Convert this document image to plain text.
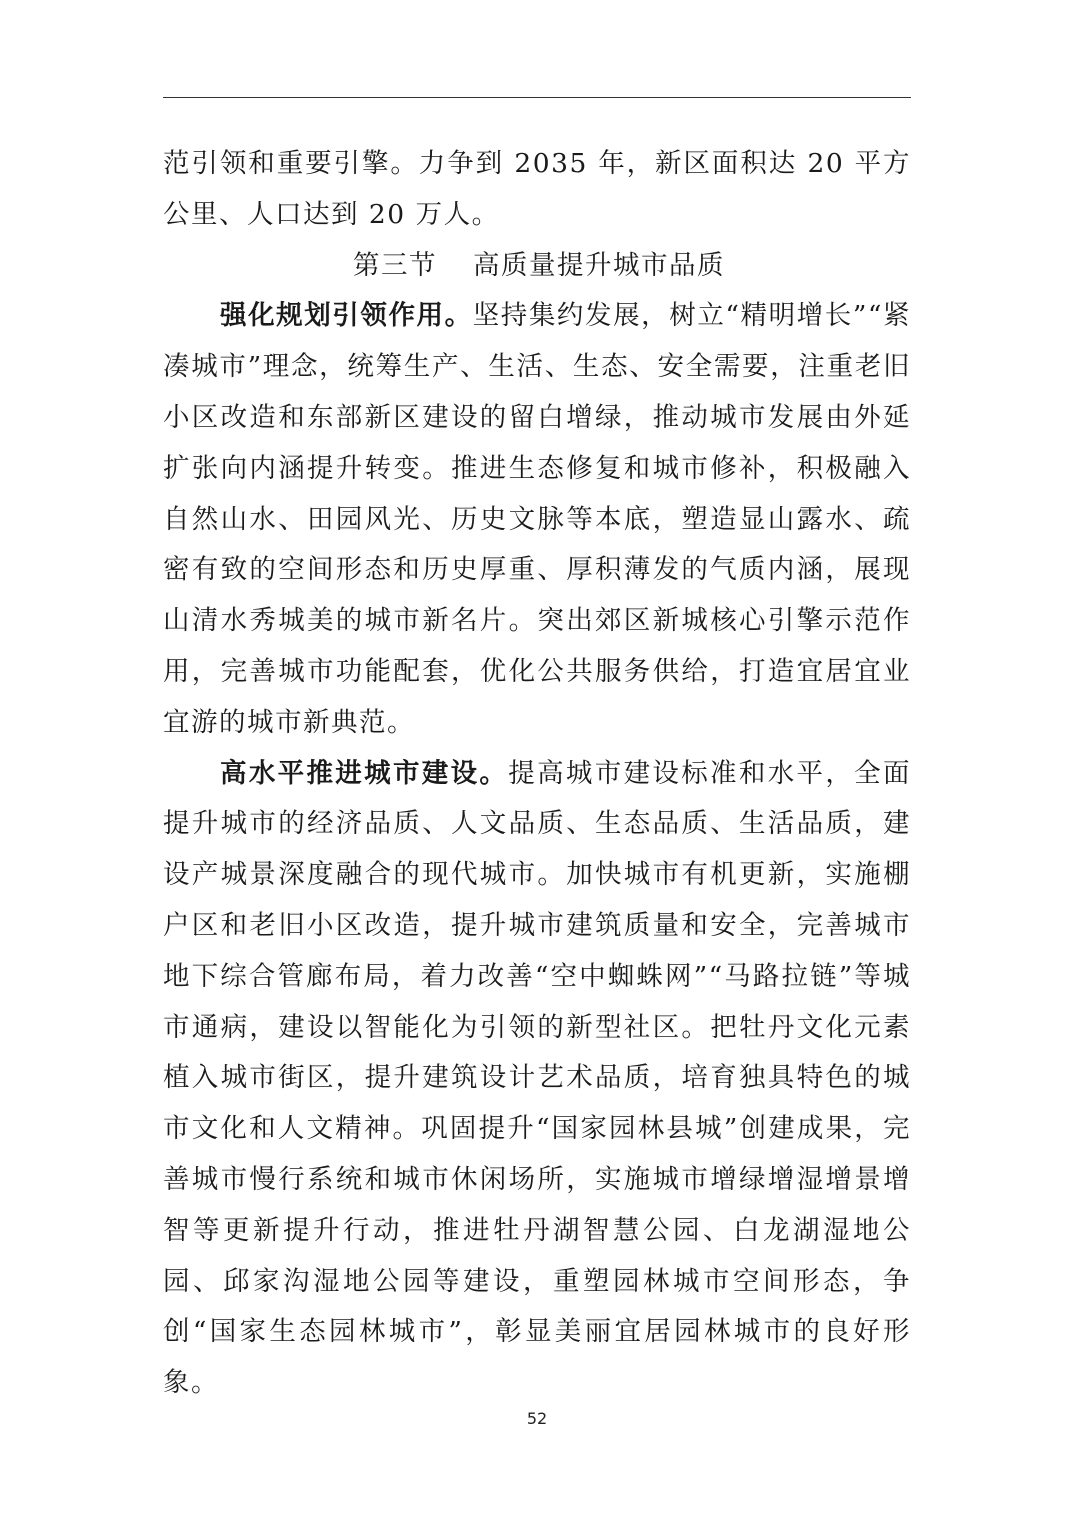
范引领和重要引擎。力争到 2035 年，新区面积达 20 平方公里、人口达到 20 万人。

第三节 高质量提升城市品质

强化规划引领作用。坚持集约发展，树立“精明增长”“紧凑城市”理念，统筹生产、生活、生态、安全需要，注重老旧小区改造和东部新区建设的留白增绿，推动城市发展由外延扩张向内涵提升转变。推进生态修复和城市修补，积极融入自然山水、田园风光、历史文脉等本底，塑造显山露水、疏密有致的空间形态和历史厚重、厚积薄发的气质内涵，展现山清水秀城美的城市新名片。突出郊区新城核心引擎示范作用，完善城市功能配套，优化公共服务供给，打造宜居宜业宜游的城市新典范。

高水平推进城市建设。提高城市建设标准和水平，全面提升城市的经济品质、人文品质、生态品质、生活品质，建设产城景深度融合的现代城市。加快城市有机更新，实施棚户区和老旧小区改造，提升城市建筑质量和安全，完善城市地下综合管廊布局，着力改善“空中蜘蛛网”“马路拉链”等城市通病，建设以智能化为引领的新型社区。把牡丹文化元素植入城市街区，提升建筑设计艺术品质，培育独具特色的城市文化和人文精神。巩固提升“国家园林县城”创建成果，完善城市慢行系统和城市休闲场所，实施城市增绿增湿增景增智等更新提升行动，推进牡丹湖智慧公园、白龙湖湿地公园、邱家沟湿地公园等建设，重塑园林城市空间形态，争创“国家生态园林城市”，彰显美丽宜居园林城市的良好形象。

52
